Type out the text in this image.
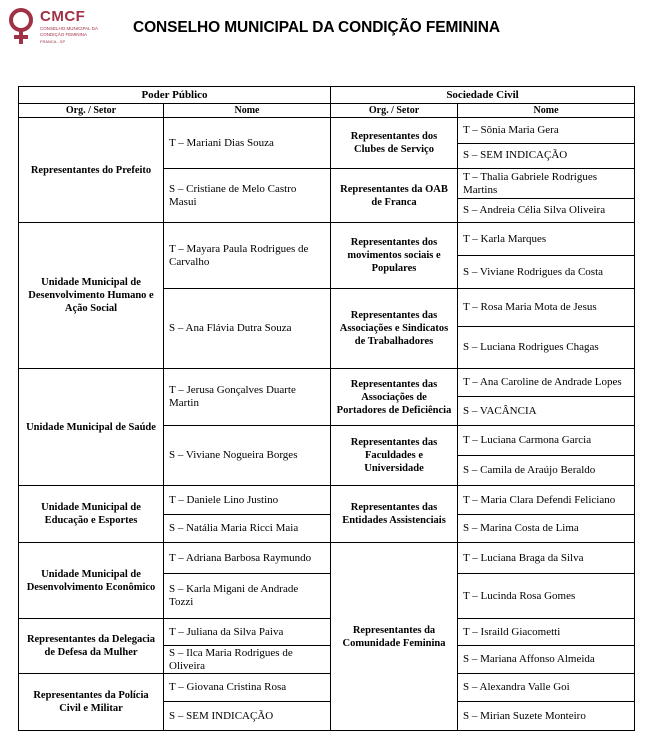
CMCF
CONSELHO MUNICIPAL DA CONDIÇÃO FEMININA
FRANCA - SP
CONSELHO MUNICIPAL DA CONDIÇÃO FEMININA
Poder Público		Sociedade Civil	
Org. / Setor	Nome	Org. / Setor	Nome
Representantes do Prefeito	T – Mariani Dias Souza	Representantes dos Clubes de Serviço	T – Sônia Maria Gera
			S – SEM INDICAÇÃO
	S – Cristiane de Melo Castro Masui	Representantes da OAB de Franca	T – Thalia Gabriele Rodrigues Martins
			S – Andreia Célia Silva Oliveira
Unidade Municipal de Desenvolvimento Humano e Ação Social	T – Mayara Paula Rodrigues de Carvalho	Representantes dos movimentos sociais e Populares	T – Karla Marques
			S – Viviane Rodrigues da Costa
	S – Ana Flávia Dutra Souza	Representantes das Associações e Sindicatos de Trabalhadores	T – Rosa Maria Mota de Jesus
			S – Luciana Rodrigues Chagas
Unidade Municipal de Saúde	T – Jerusa Gonçalves Duarte Martin	Representantes das Associações de Portadores de Deficiência	T – Ana Caroline de Andrade Lopes
			S – VACÂNCIA
	S – Viviane Nogueira Borges	Representantes das Faculdades e Universidade	T – Luciana Carmona Garcia
			S – Camila de Araújo Beraldo
Unidade Municipal de Educação e Esportes	T – Daniele Lino Justino	Representantes das Entidades Assistenciais	T – Maria Clara Defendi Feliciano
	S – Natália Maria Ricci Maia		S – Marina Costa de Lima
Unidade Municipal de Desenvolvimento Econômico	T – Adriana Barbosa Raymundo	Representantes da Comunidade Feminina	T – Luciana Braga da Silva
	S – Karla Migani de Andrade Tozzi		T – Lucinda Rosa Gomes
Representantes da Delegacia de Defesa da Mulher	T – Juliana da Silva Paiva		T – Israild Giacometti
	S – Ilca Maria Rodrigues de Oliveira		S – Mariana Affonso Almeida
Representantes da Polícia Civil e Militar	T – Giovana Cristina Rosa		S – Alexandra Valle Goi
	S – SEM INDICAÇÃO		S – Mirian Suzete Monteiro
